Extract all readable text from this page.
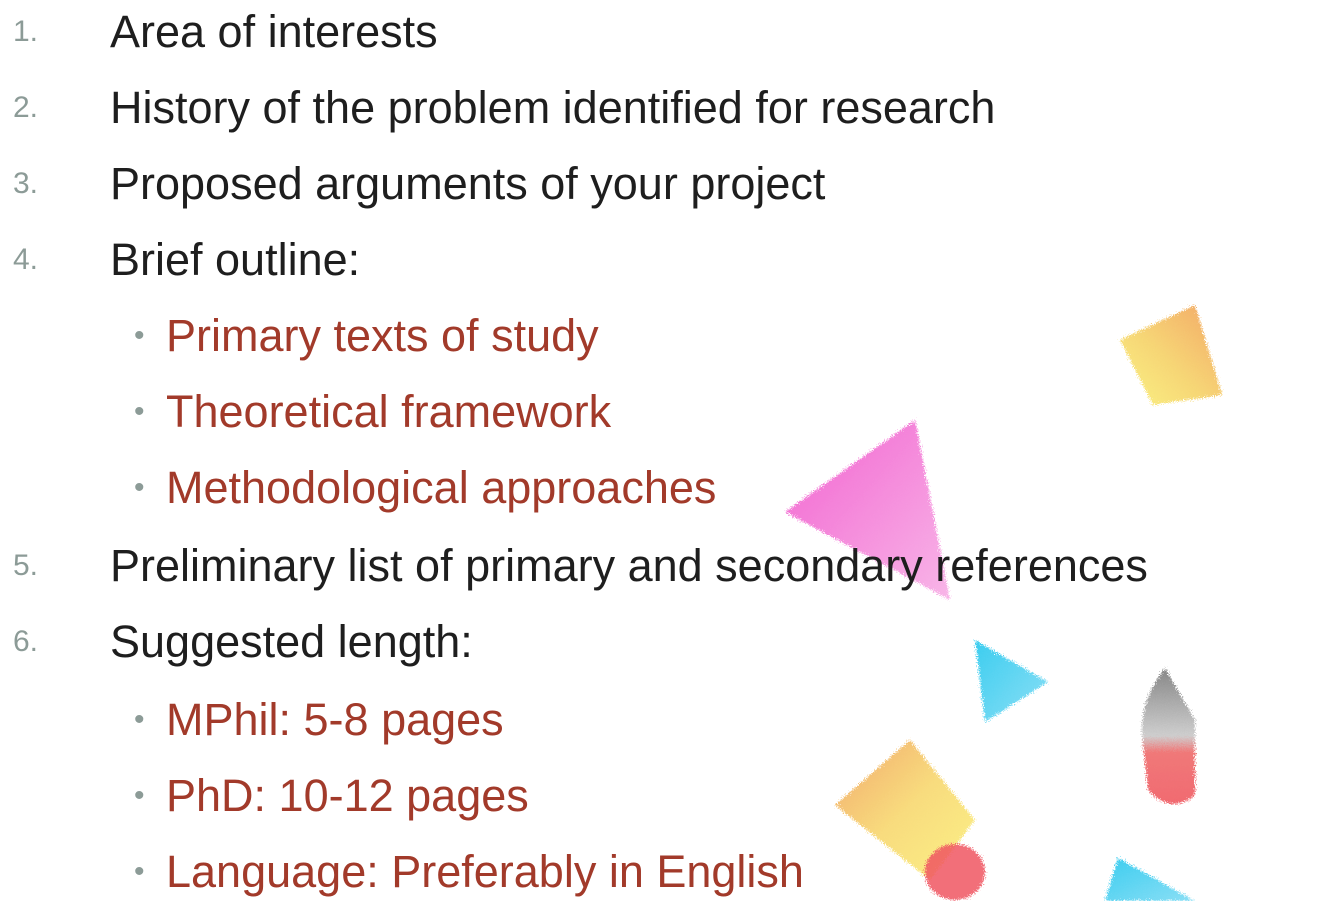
1. Area of interests
2. History of the problem identified for research
3. Proposed arguments of your project
4. Brief outline:
• Primary texts of study
• Theoretical framework
• Methodological approaches
5. Preliminary list of primary and secondary references
6. Suggested length:
• MPhil: 5-8 pages
• PhD: 10-12 pages
• Language: Preferably in English
